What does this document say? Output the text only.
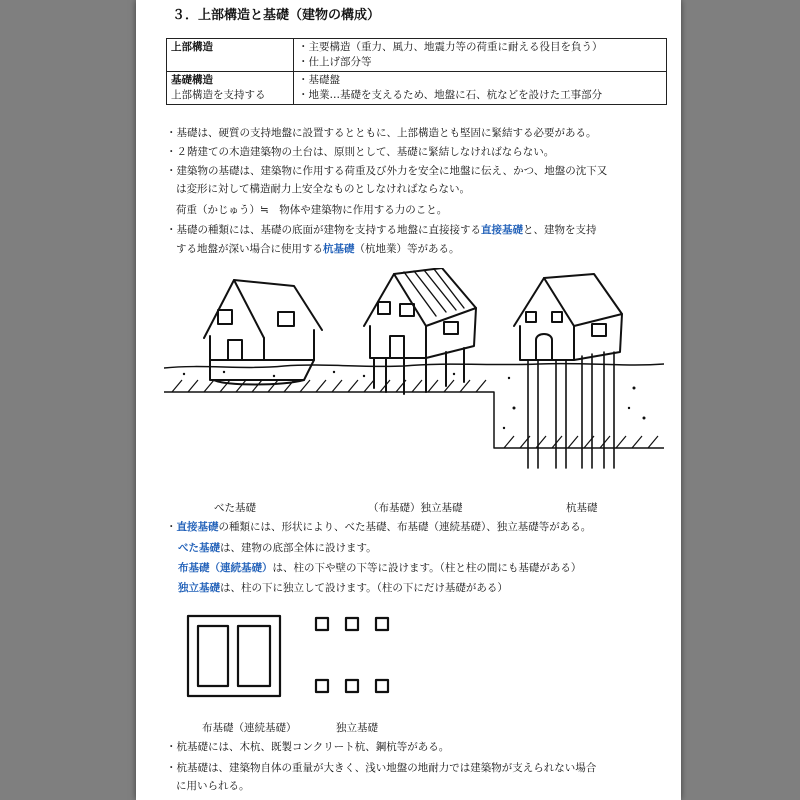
３．上部構造と基礎（建物の構成）
上部構造	・主要構造（重力、風力、地震力等の荷重に耐える役目を負う）
・仕上げ部分等

基礎構造
上部構造を支持する	・基礎盤
・地業…基礎を支えるため、地盤に石、杭などを設けた工事部分
・基礎は、硬質の支持地盤に設置するとともに、上部構造とも堅固に緊結する必要がある。
・２階建ての木造建築物の土台は、原則として、基礎に緊結しなければならない。
・建築物の基礎は、建築物に作用する荷重及び外力を安全に地盤に伝え、かつ、地盤の沈下又
は変形に対して構造耐力上安全なものとしなければならない。
荷重（かじゅう）≒　物体や建築物に作用する力のこと。
・基礎の種類には、基礎の底面が建物を支持する地盤に直接接する直接基礎と、建物を支持
する地盤が深い場合に使用する杭基礎（杭地業）等がある。
べた基礎	（布基礎）独立基礎	杭基礎
・直接基礎の種類には、形状により、べた基礎、布基礎（連続基礎）、独立基礎等がある。
べた基礎は、建物の底部全体に設けます。
布基礎（連続基礎）は、柱の下や壁の下等に設けます。（柱と柱の間にも基礎がある）
独立基礎は、柱の下に独立して設けます。（柱の下にだけ基礎がある）
布基礎（連続基礎）	独立基礎
・杭基礎には、木杭、既製コンクリート杭、鋼杭等がある。
・杭基礎は、建築物自体の重量が大きく、浅い地盤の地耐力では建築物が支えられない場合
に用いられる。
